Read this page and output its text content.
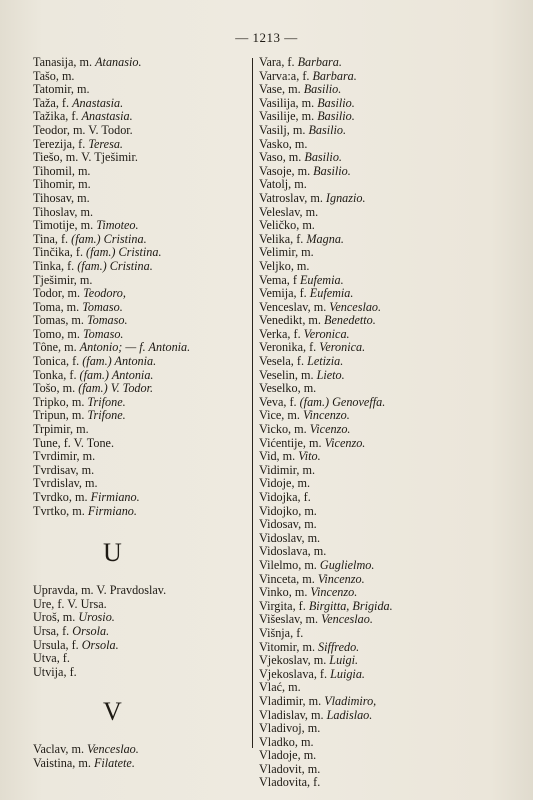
— 1213 —
Tanasija, m. Atanasio.
Tašo, m.
Tatomir, m.
Taža, f. Anastasia.
Tažika, f. Anastasia.
Teodor, m. V. Todor.
Terezija, f. Teresa.
Tiešo, m. V. Tješimir.
Tihomil, m.
Tihomir, m.
Tihosav, m.
Tihoslav, m.
Timotije, m. Timoteo.
Tina, f. (fam.) Cristina.
Tinčika, f. (fam.) Cristina.
Tinka, f. (fam.) Cristina.
Tješimir, m.
Todor, m. Teodoro,
Toma, m. Tomaso.
Tomas, m. Tomaso.
Tomo, m. Tomaso.
Tône, m. Antonio; — f. Antonia.
Tonica, f. (fam.) Antonia.
Tonka, f. (fam.) Antonia.
Tošo, m. (fam.) V. Todor.
Tripko, m. Trifone.
Tripun, m. Trifone.
Trpimir, m.
Tune, f. V. Tone.
Tvrdimir, m.
Tvrdisav, m.
Tvrdislav, m.
Tvrdko, m. Firmiano.
Tvrtko, m. Firmiano.
U
Upravda, m. V. Pravdoslav.
Ure, f. V. Ursa.
Uroš, m. Urosio.
Ursa, f. Orsola.
Ursula, f. Orsola.
Utva, f.
Utvija, f.
V
Vaclav, m. Venceslao.
Vaistina, m. Filatete.
Vara, f. Barbara.
Varva:a, f. Barbara.
Vase, m. Basilio.
Vasilija, m. Basilio.
Vasilije, m. Basilio.
Vasilj, m. Basilio.
Vasko, m.
Vaso, m. Basilio.
Vasoje, m. Basilio.
Vatolj, m.
Vatroslav, m. Ignazio.
Veleslav, m.
Veličko, m.
Velika, f. Magna.
Velimir, m.
Veljko, m.
Vema, f Eufemia.
Vemija, f. Eufemia.
Venceslav, m. Venceslao.
Venedikt, m. Benedetto.
Verka, f. Veronica.
Veronika, f. Veronica.
Vesela, f. Letizia.
Veselin, m. Lieto.
Veselko, m.
Veva, f. (fam.) Genoveffa.
Vice, m. Vincenzo.
Vicko, m. Vicenzo.
Vićentije, m. Vicenzo.
Vid, m. Vito.
Vidimir, m.
Vidoje, m.
Vidojka, f.
Vidojko, m.
Vidosav, m.
Vidoslav, m.
Vidoslava, m.
Vilelmo, m. Guglielmo.
Vinceta, m. Vincenzo.
Vinko, m. Vincenzo.
Virgita, f. Birgitta, Brigida.
Višeslav, m. Venceslao.
Višnja, f.
Vitomir, m. Siffredo.
Vjekoslav, m. Luigi.
Vjekoslava, f. Luigia.
Vlać, m.
Vladimir, m. Vladimiro,
Vladislav, m. Ladislao.
Vladivoj, m.
Vladko, m.
Vladoje, m.
Vladovit, m.
Vladovita, f.
